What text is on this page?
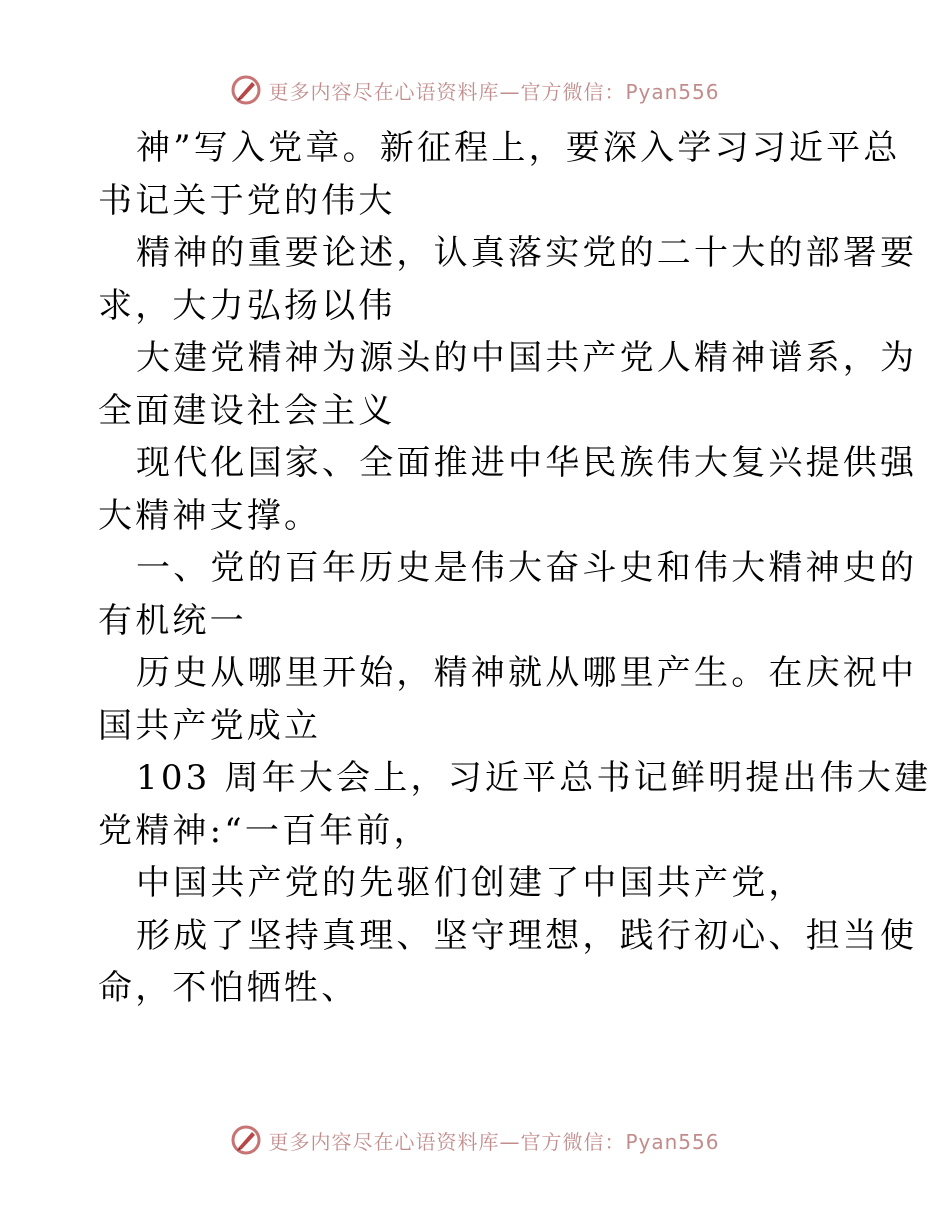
更多内容尽在心语资料库—官方微信：Pyan556
神”写入党章。新征程上，要深入学习习近平总
书记关于党的伟大
精神的重要论述，认真落实党的二十大的部署要
求，大力弘扬以伟
大建党精神为源头的中国共产党人精神谱系，为
全面建设社会主义
现代化国家、全面推进中华民族伟大复兴提供强
大精神支撑。
一、党的百年历史是伟大奋斗史和伟大精神史的
有机统一
历史从哪里开始，精神就从哪里产生。在庆祝中
国共产党成立
103 周年大会上，习近平总书记鲜明提出伟大建
党精神:“一百年前，
中国共产党的先驱们创建了中国共产党，
形成了坚持真理、坚守理想，践行初心、担当使
命，不怕牺牲、
更多内容尽在心语资料库—官方微信：Pyan556
